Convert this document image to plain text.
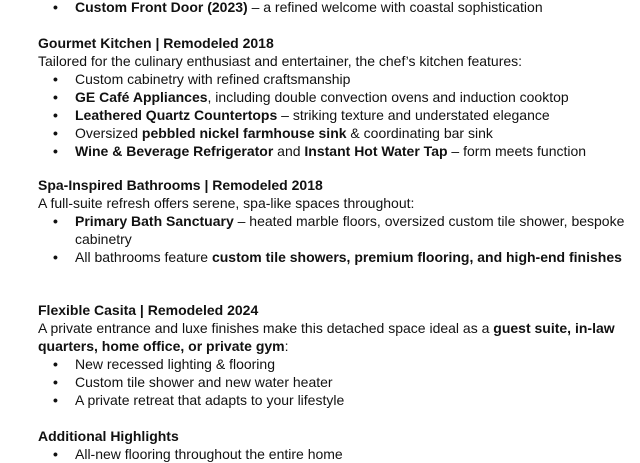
• Custom Front Door (2023) – a refined welcome with coastal sophistication

Gourmet Kitchen | Remodeled 2018

Tailored for the culinary enthusiast and entertainer, the chef’s kitchen features:

• Custom cabinetry with refined craftsmanship
• GE Café Appliances, including double convection ovens and induction cooktop
• Leathered Quartz Countertops – striking texture and understated elegance
• Oversized pebbled nickel farmhouse sink & coordinating bar sink
• Wine & Beverage Refrigerator and Instant Hot Water Tap – form meets function

Spa-Inspired Bathrooms | Remodeled 2018

A full-suite refresh offers serene, spa-like spaces throughout:

• Primary Bath Sanctuary – heated marble floors, oversized custom tile shower, bespoke cabinetry
• All bathrooms feature custom tile showers, premium flooring, and high-end finishes

Flexible Casita | Remodeled 2024

A private entrance and luxe finishes make this detached space ideal as a guest suite, in-law quarters, home office, or private gym:

• New recessed lighting & flooring
• Custom tile shower and new water heater
• A private retreat that adapts to your lifestyle

Additional Highlights

• All-new flooring throughout the entire home
